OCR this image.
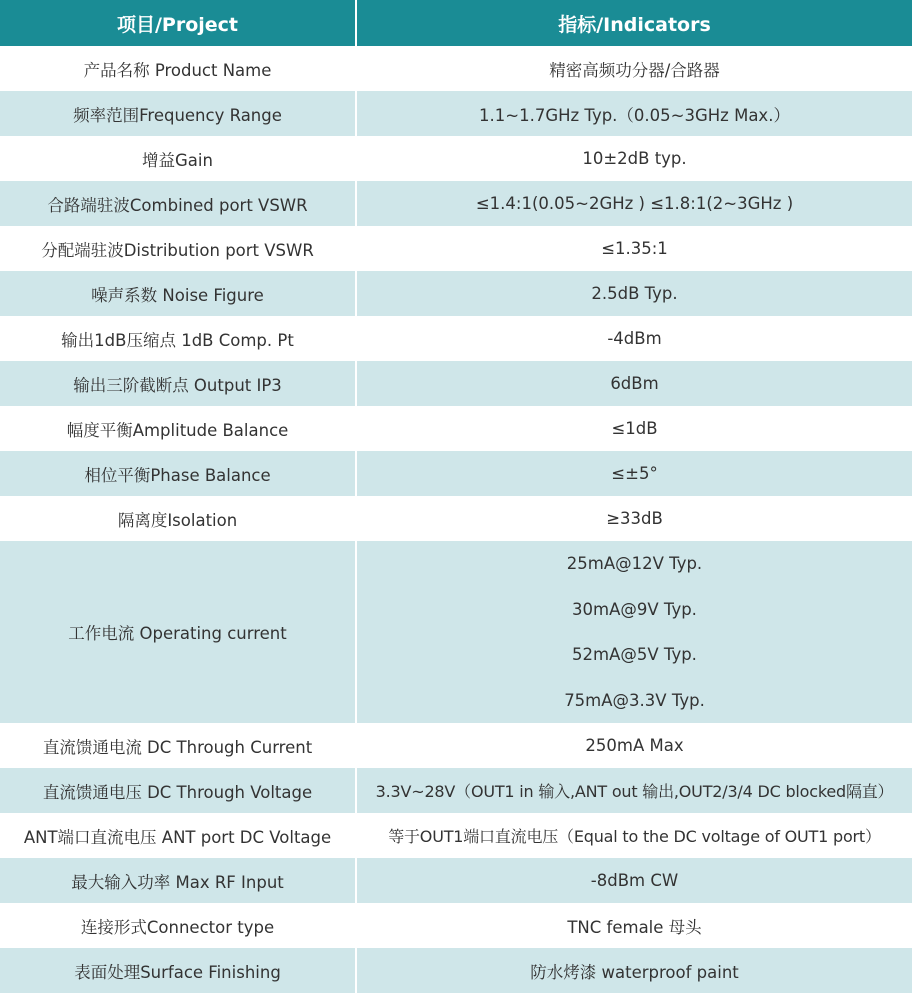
项目/Project	指标/Indicators
产品名称 Product Name	精密高频功分器/合路器
频率范围Frequency Range	1.1~1.7GHz Typ.（0.05~3GHz Max.）
增益Gain	10±2dB typ.
合路端驻波Combined port VSWR	≤1.4:1(0.05~2GHz ) ≤1.8:1(2~3GHz )
分配端驻波Distribution port VSWR	≤1.35:1
噪声系数 Noise Figure	2.5dB Typ.
输出1dB压缩点 1dB Comp. Pt	-4dBm
输出三阶截断点 Output IP3	6dBm
幅度平衡Amplitude Balance	≤1dB
相位平衡Phase Balance	≤±5°
隔离度Isolation	≥33dB
工作电流 Operating current	25mA@12V Typ.
30mA@9V Typ.
52mA@5V Typ.
75mA@3.3V Typ.

直流馈通电流 DC Through Current	250mA Max
直流馈通电压 DC Through Voltage	3.3V~28V（OUT1 in 输入,ANT out 输出,OUT2/3/4 DC blocked隔直）
ANT端口直流电压 ANT port DC Voltage	等于OUT1端口直流电压（Equal to the DC voltage of OUT1 port）
最大输入功率 Max RF Input	-8dBm CW
连接形式Connector type	TNC female 母头
表面处理Surface Finishing	防水烤漆 waterproof paint
